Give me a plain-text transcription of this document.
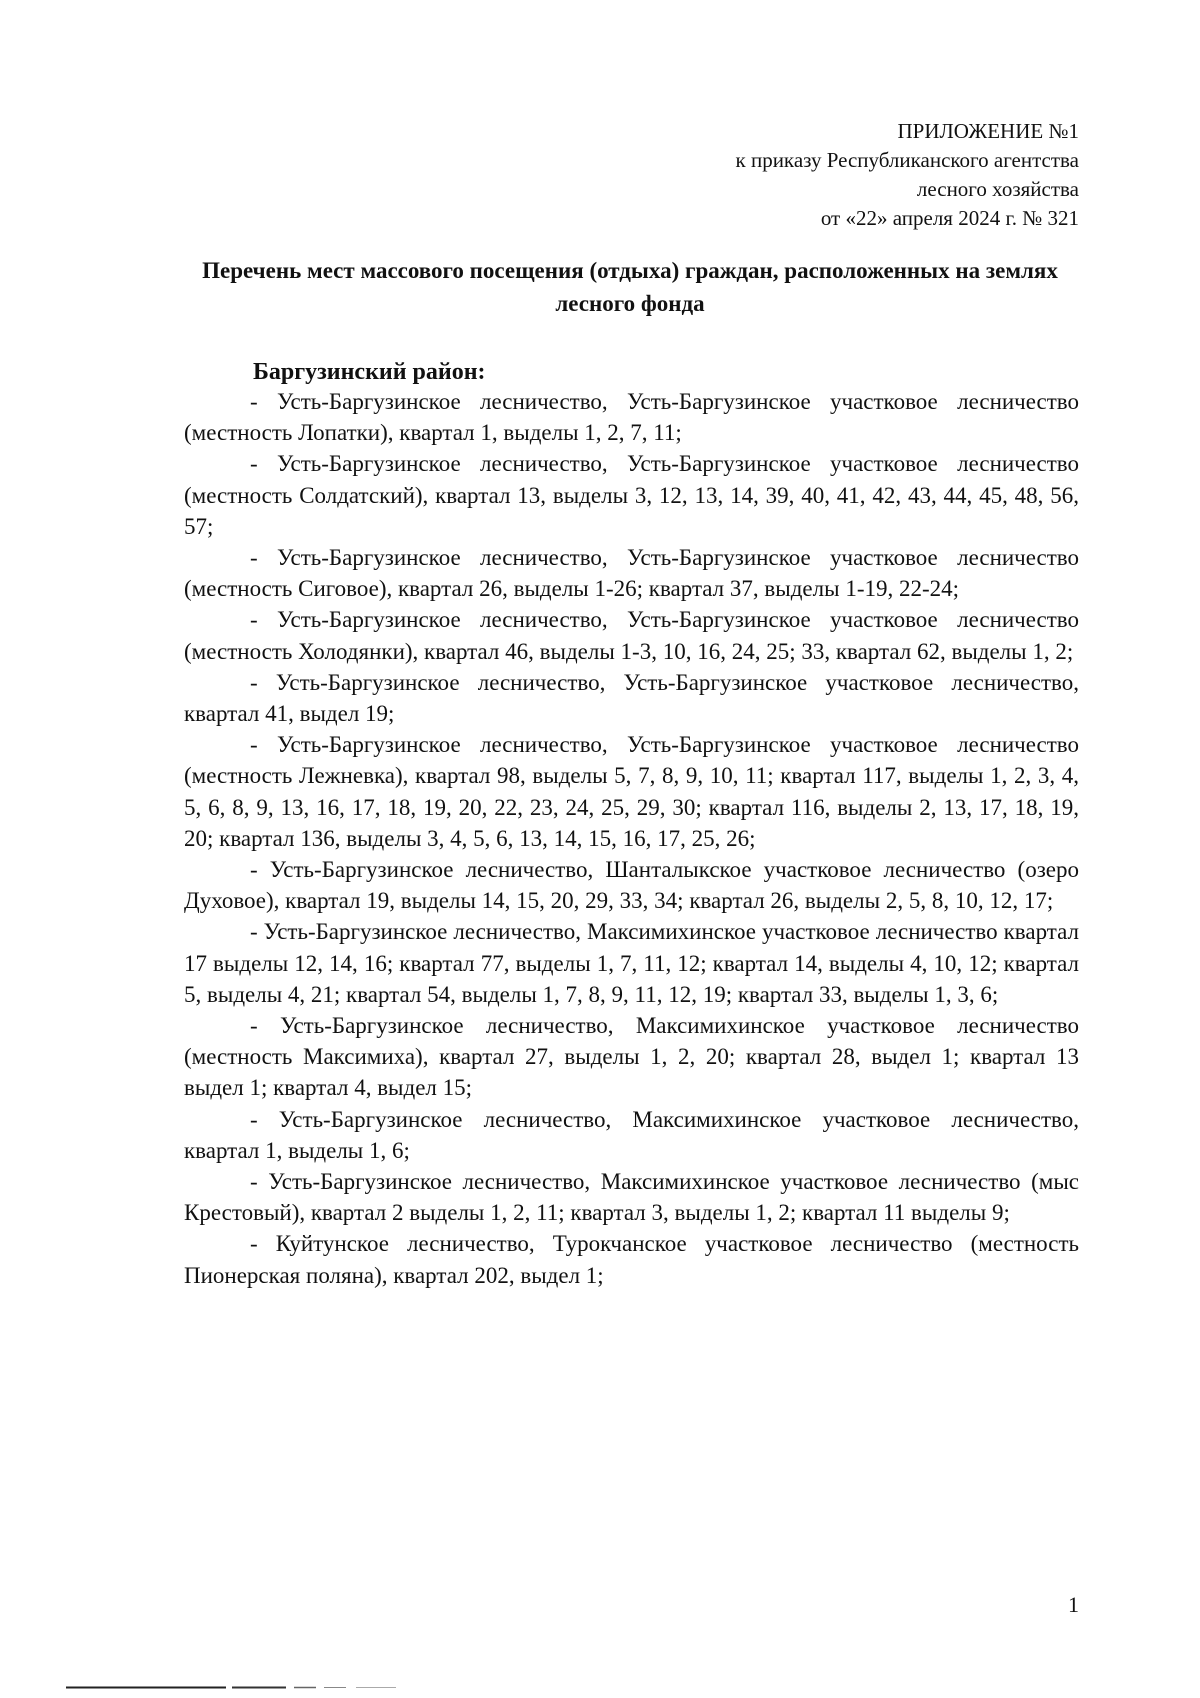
ПРИЛОЖЕНИЕ №1
к приказу Республиканского агентства
лесного хозяйства
от «22» апреля 2024 г. № 321
Перечень мест массового посещения (отдыха) граждан, расположенных на землях лесного фонда
Баргузинский район:

- Усть-Баргузинское лесничество, Усть-Баргузинское участковое лесничество (местность Лопатки), квартал 1, выделы 1, 2, 7, 11;

- Усть-Баргузинское лесничество, Усть-Баргузинское участковое лесничество (местность Солдатский), квартал 13, выделы 3, 12, 13, 14, 39, 40, 41, 42, 43, 44, 45, 48, 56, 57;

- Усть-Баргузинское лесничество, Усть-Баргузинское участковое лесничество (местность Сиговое), квартал 26, выделы 1-26; квартал 37, выделы 1-19, 22-24;

- Усть-Баргузинское лесничество, Усть-Баргузинское участковое лесничество (местность Холодянки), квартал 46, выделы 1-3, 10, 16, 24, 25; 33, квартал 62, выделы 1, 2;

- Усть-Баргузинское лесничество, Усть-Баргузинское участковое лесничество, квартал 41, выдел 19;

- Усть-Баргузинское лесничество, Усть-Баргузинское участковое лесничество (местность Лежневка), квартал 98, выделы 5, 7, 8, 9, 10, 11; квартал 117, выделы 1, 2, 3, 4, 5, 6, 8, 9, 13, 16, 17, 18, 19, 20, 22, 23, 24, 25, 29, 30; квартал 116, выделы 2, 13, 17, 18, 19, 20; квартал 136, выделы 3, 4, 5, 6, 13, 14, 15, 16, 17, 25, 26;

- Усть-Баргузинское лесничество, Шанталыкское участковое лесничество (озеро Духовое), квартал 19, выделы 14, 15, 20, 29, 33, 34; квартал 26, выделы 2, 5, 8, 10, 12, 17;

- Усть-Баргузинское лесничество, Максимихинское участковое лесничество квартал 17 выделы 12, 14, 16; квартал 77, выделы 1, 7, 11, 12; квартал 14, выделы 4, 10, 12; квартал 5, выделы 4, 21; квартал 54, выделы 1, 7, 8, 9, 11, 12, 19; квартал 33, выделы 1, 3, 6;

- Усть-Баргузинское лесничество, Максимихинское участковое лесничество (местность Максимиха), квартал 27, выделы 1, 2, 20; квартал 28, выдел 1; квартал 13 выдел 1; квартал 4, выдел 15;

- Усть-Баргузинское лесничество, Максимихинское участковое лесничество, квартал 1, выделы 1, 6;

- Усть-Баргузинское лесничество, Максимихинское участковое лесничество (мыс Крестовый), квартал 2 выделы 1, 2, 11; квартал 3, выделы 1, 2; квартал 11 выделы 9;

- Куйтунское лесничество, Турокчанское участковое лесничество (местность Пионерская поляна), квартал 202, выдел 1;

1
